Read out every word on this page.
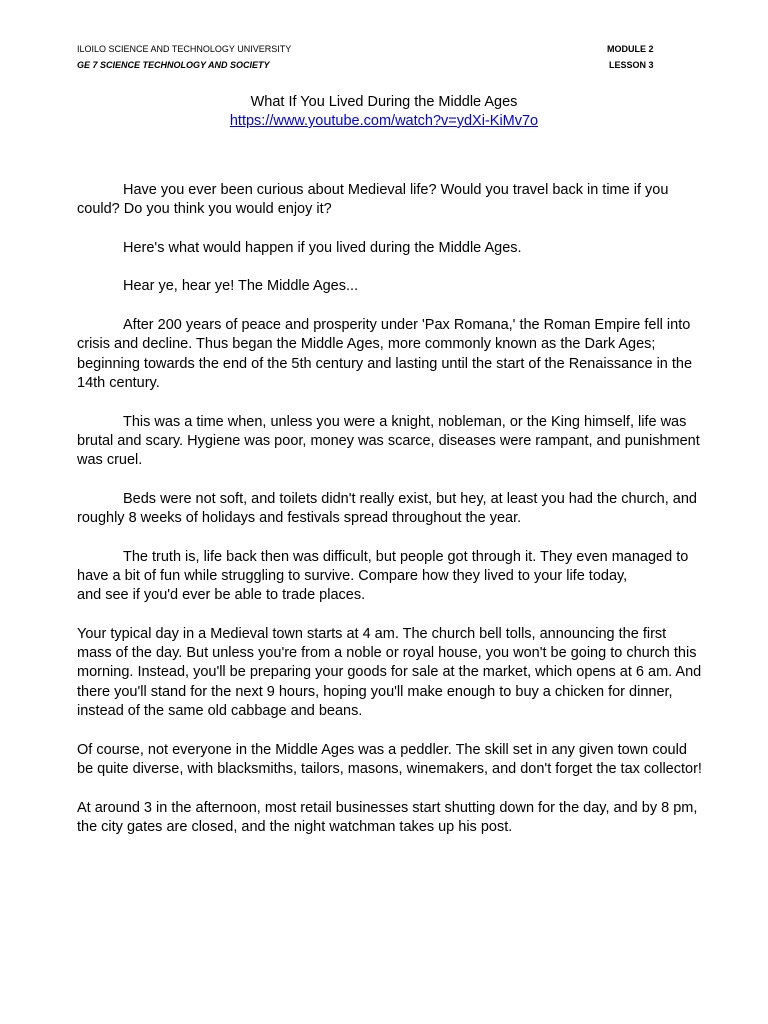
ILOILO SCIENCE AND TECHNOLOGY UNIVERSITY
GE 7 SCIENCE TECHNOLOGY AND SOCIETY
MODULE 2
LESSON 3
What If You Lived During the Middle Ages
https://www.youtube.com/watch?v=ydXi-KiMv7o

Have you ever been curious about Medieval life? Would you travel back in time if you could? Do you think you would enjoy it?

Here's what would happen if you lived during the Middle Ages.

Hear ye, hear ye! The Middle Ages...

After 200 years of peace and prosperity under 'Pax Romana,' the Roman Empire fell into crisis and decline. Thus began the Middle Ages, more commonly known as the Dark Ages; beginning towards the end of the 5th century and lasting until the start of the Renaissance in the 14th century.

This was a time when, unless you were a knight, nobleman, or the King himself, life was brutal and scary. Hygiene was poor, money was scarce, diseases were rampant, and punishment was cruel.

Beds were not soft, and toilets didn't really exist, but hey, at least you had the church, and roughly 8 weeks of holidays and festivals spread throughout the year.

The truth is, life back then was difficult, but people got through it. They even managed to have a bit of fun while struggling to survive. Compare how they lived to your life today,

and see if you'd ever be able to trade places.

Your typical day in a Medieval town starts at 4 am. The church bell tolls, announcing the first mass of the day. But unless you're from a noble or royal house, you won't be going to church this morning. Instead, you'll be preparing your goods for sale at the market, which opens at 6 am. And there you'll stand for the next 9 hours, hoping you'll make enough to buy a chicken for dinner, instead of the same old cabbage and beans.

Of course, not everyone in the Middle Ages was a peddler. The skill set in any given town could be quite diverse, with blacksmiths, tailors, masons, winemakers, and don't forget the tax collector!

At around 3 in the afternoon, most retail businesses start shutting down for the day, and by 8 pm, the city gates are closed, and the night watchman takes up his post.
